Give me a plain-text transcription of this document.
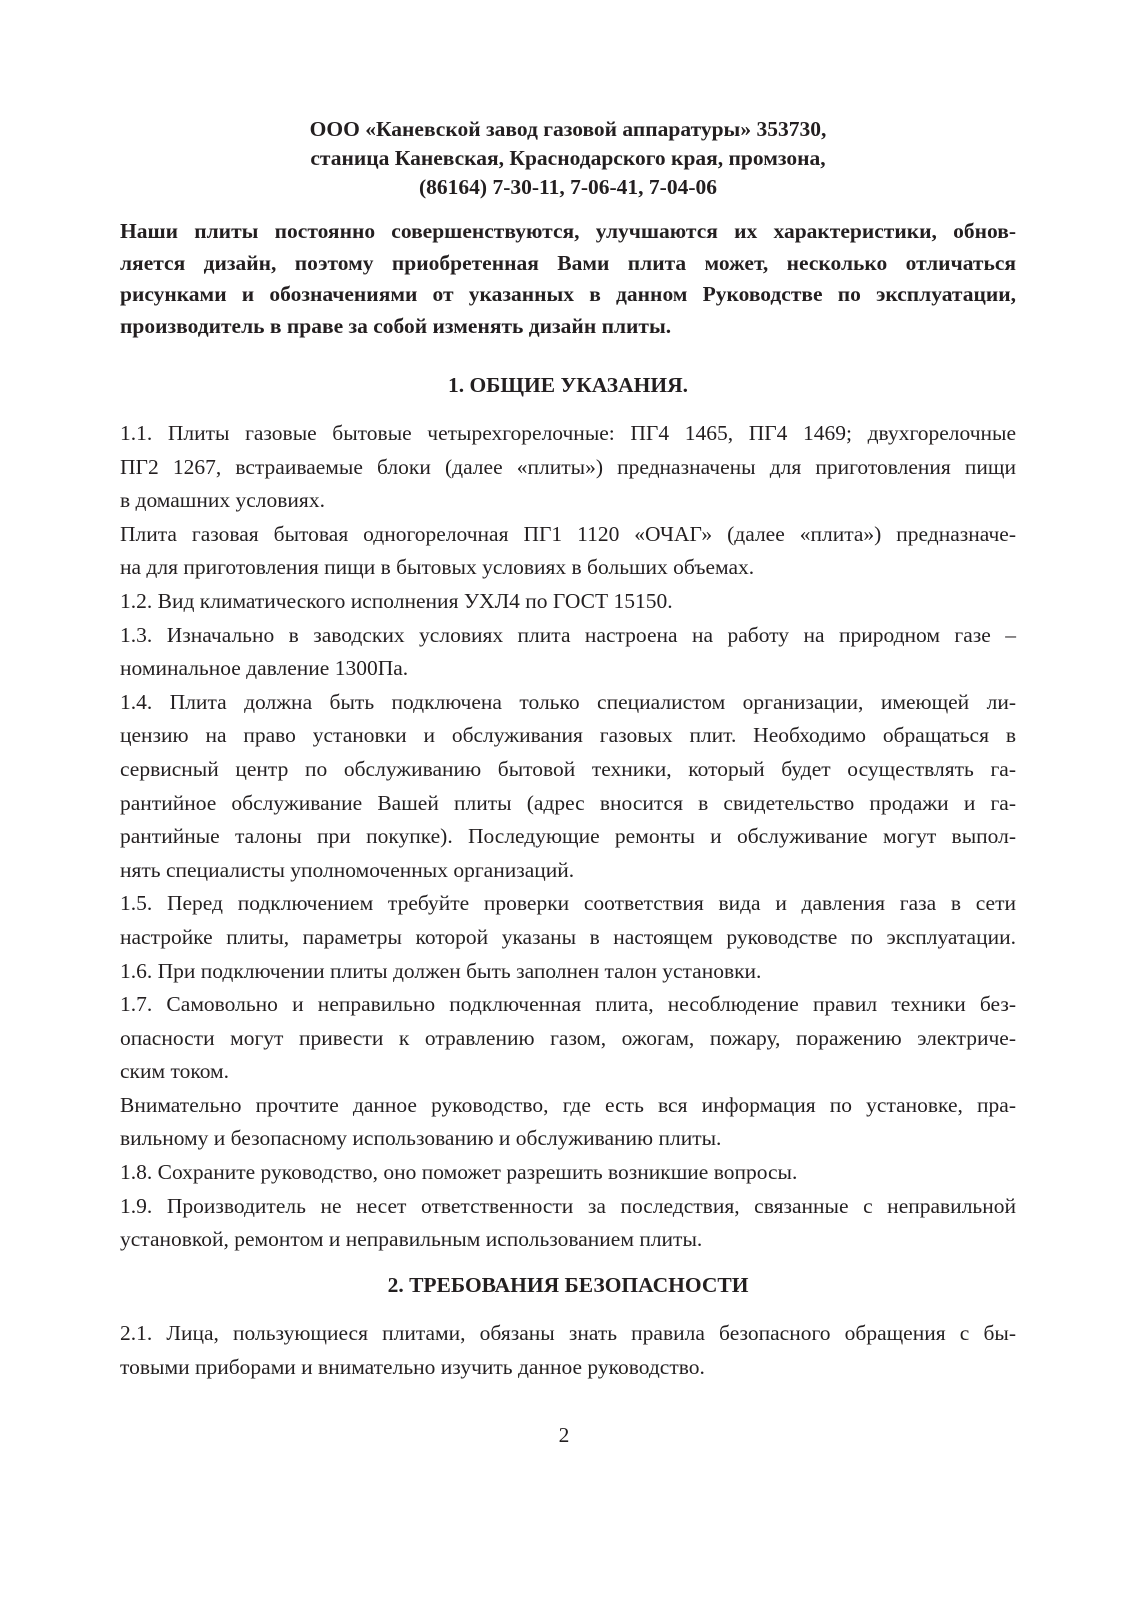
ООО «Каневской завод газовой аппаратуры» 353730,
станица Каневская, Краснодарского края, промзона,
(86164) 7-30-11, 7-06-41, 7-04-06
Наши плиты постоянно совершенствуются, улучшаются их характеристики, обнов-
ляется дизайн, поэтому приобретенная Вами плита может, несколько отличаться
рисунками и обозначениями от указанных в данном Руководстве по эксплуатации,
производитель в праве за собой изменять дизайн плиты.
1. ОБЩИЕ УКАЗАНИЯ.
1.1. Плиты газовые бытовые четырехгорелочные: ПГ4 1465, ПГ4 1469; двухгорелочные
ПГ2 1267, встраиваемые блоки (далее «плиты») предназначены для приготовления пищи
в домашних условиях.
Плита газовая бытовая одногорелочная ПГ1 1120 «ОЧАГ» (далее «плита») предназначе-
на для приготовления пищи в бытовых условиях в больших объемах.
1.2. Вид климатического исполнения УХЛ4 по ГОСТ 15150.
1.3. Изначально в заводских условиях плита настроена на работу на природном газе –
номинальное давление 1300Па.
1.4. Плита должна быть подключена только специалистом организации, имеющей ли-
цензию на право установки и обслуживания газовых плит. Необходимо обращаться в
сервисный центр по обслуживанию бытовой техники, который будет осуществлять га-
рантийное обслуживание Вашей плиты (адрес вносится в свидетельство продажи и га-
рантийные талоны при покупке). Последующие ремонты и обслуживание могут выпол-
нять специалисты уполномоченных организаций.
1.5. Перед подключением требуйте проверки соответствия вида и давления газа в сети
настройке плиты, параметры которой указаны в настоящем руководстве по эксплуатации.
1.6. При подключении плиты должен быть заполнен талон установки.
1.7. Самовольно и неправильно подключенная плита, несоблюдение правил техники без-
опасности могут привести к отравлению газом, ожогам, пожару, поражению электриче-
ским током.
Внимательно прочтите данное руководство, где есть вся информация по установке, пра-
вильному и безопасному использованию и обслуживанию плиты.
1.8. Сохраните руководство, оно поможет разрешить возникшие вопросы.
1.9. Производитель не несет ответственности за последствия, связанные с неправильной
установкой, ремонтом и неправильным использованием плиты.
2. ТРЕБОВАНИЯ БЕЗОПАСНОСТИ
2.1. Лица, пользующиеся плитами, обязаны знать правила безопасного обращения с бы-
товыми приборами и внимательно изучить данное руководство.
2
